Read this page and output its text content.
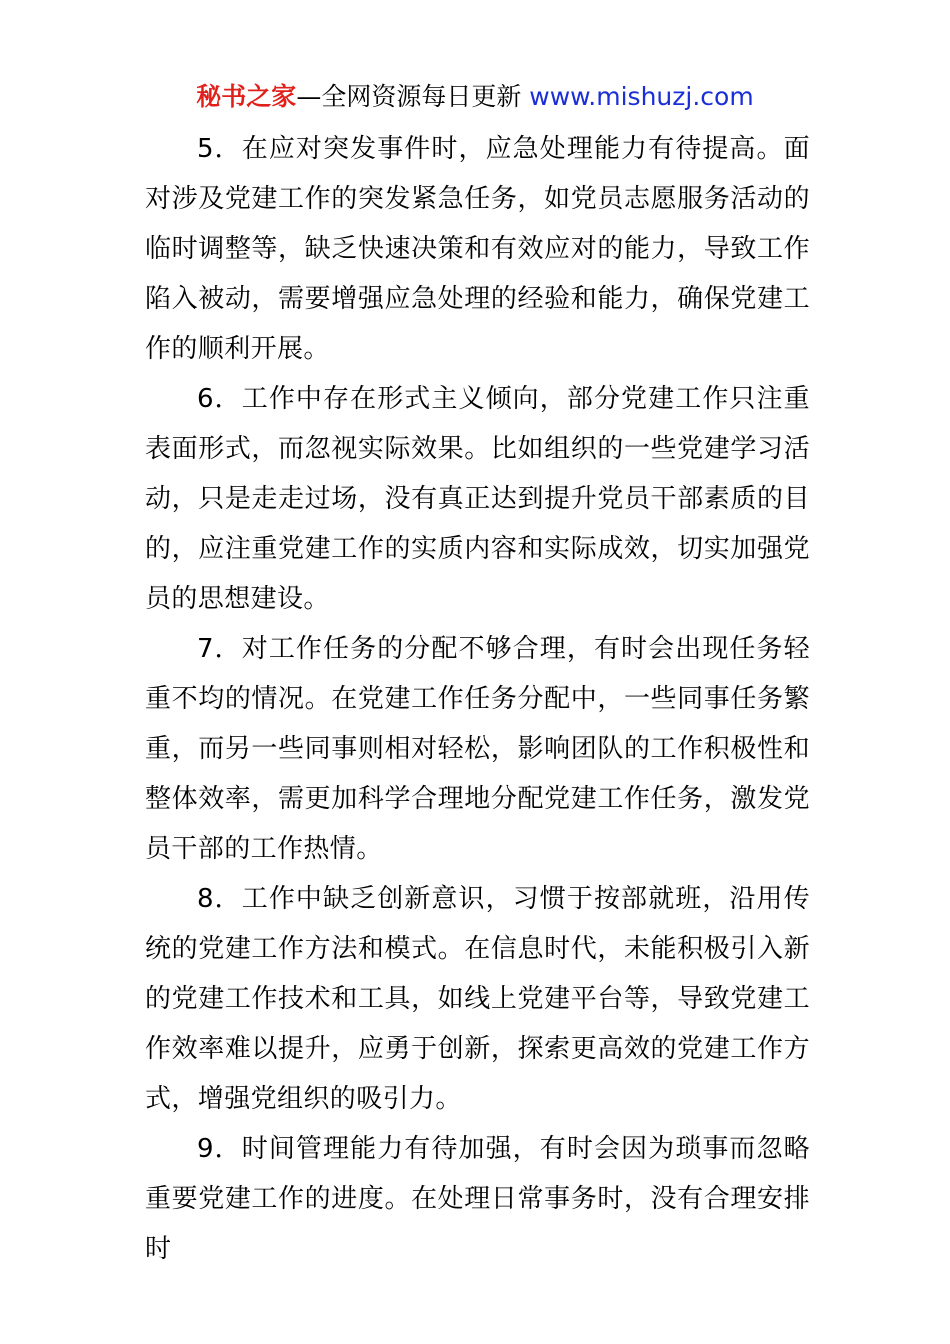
秘书之家—全网资源每日更新 www.mishuzj.com

5．在应对突发事件时，应急处理能力有待提高。面对涉及党建工作的突发紧急任务，如党员志愿服务活动的临时调整等，缺乏快速决策和有效应对的能力，导致工作陷入被动，需要增强应急处理的经验和能力，确保党建工作的顺利开展。

6．工作中存在形式主义倾向，部分党建工作只注重表面形式，而忽视实际效果。比如组织的一些党建学习活动，只是走走过场，没有真正达到提升党员干部素质的目的，应注重党建工作的实质内容和实际成效，切实加强党员的思想建设。

7．对工作任务的分配不够合理，有时会出现任务轻重不均的情况。在党建工作任务分配中，一些同事任务繁重，而另一些同事则相对轻松，影响团队的工作积极性和整体效率，需更加科学合理地分配党建工作任务，激发党员干部的工作热情。

8．工作中缺乏创新意识，习惯于按部就班，沿用传统的党建工作方法和模式。在信息时代，未能积极引入新的党建工作技术和工具，如线上党建平台等，导致党建工作效率难以提升，应勇于创新，探索更高效的党建工作方式，增强党组织的吸引力。

9．时间管理能力有待加强，有时会因为琐事而忽略重要党建工作的进度。在处理日常事务时，没有合理安排时
